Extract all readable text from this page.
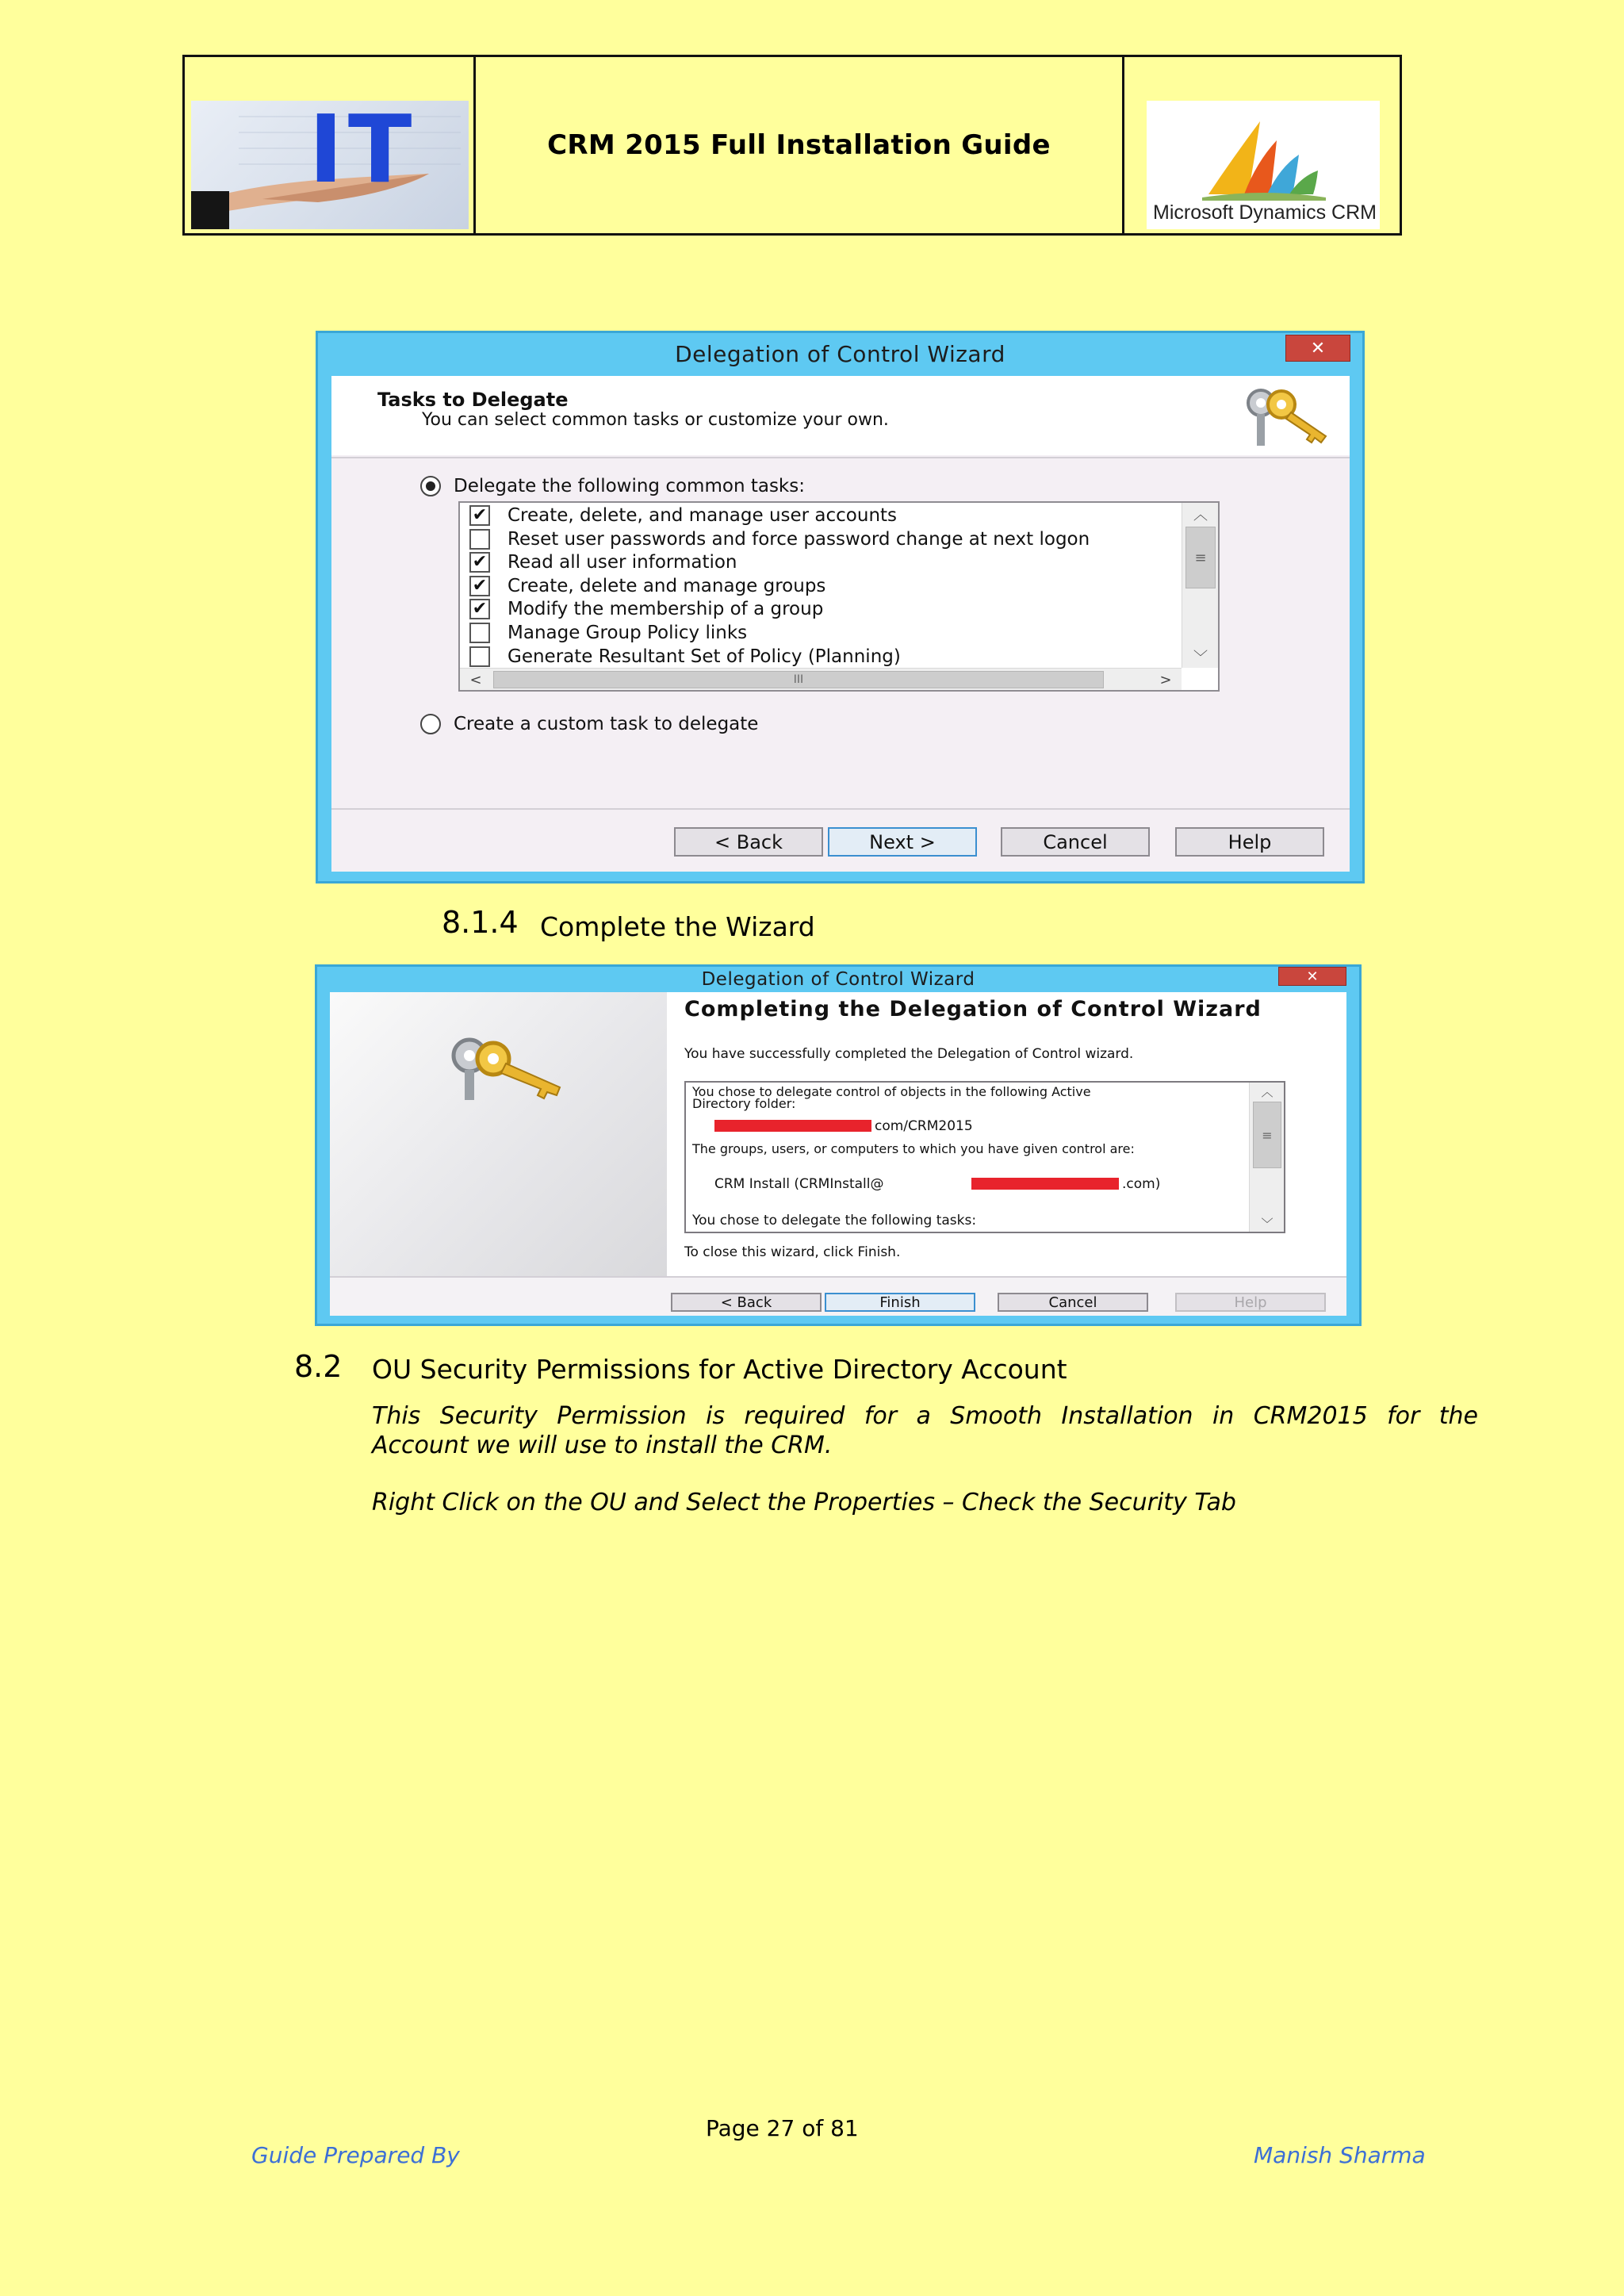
IT	CRM 2015 Full Installation Guide
Microsoft Dynamics CRM
Delegation of Control Wizard	✕
Tasks to Delegate
You can select common tasks or customize your own.
Delegate the following common tasks:
✔ Create, delete, and manage user accounts
Reset user passwords and force password change at next logon
✔ Read all user information
✔ Create, delete and manage groups
✔ Modify the membership of a group
Manage Group Policy links
Generate Resultant Set of Policy (Planning)
︿
≡
﹀
<	III	>
Create a custom task to delegate
< Back	Next >	Cancel	Help
8.1.4 Complete the Wizard
Delegation of Control Wizard	✕
Completing the Delegation of Control Wizard
You have successfully completed the Delegation of Control wizard.
You chose to delegate control of objects in the following Active Directory folder:
com/CRM2015
The groups, users, or computers to which you have given control are:
CRM Install (CRMInstall@	.com)
You chose to delegate the following tasks:
︿
≡
﹀
To close this wizard, click Finish.
< Back	Finish	Cancel	Help
8.2 OU Security Permissions for Active Directory Account
This Security Permission is required for a Smooth Installation in CRM2015 for the
Account we will use to install the CRM.
Right Click on the OU and Select the Properties – Check the Security Tab
Page 27 of 81
Guide Prepared By	Manish Sharma
